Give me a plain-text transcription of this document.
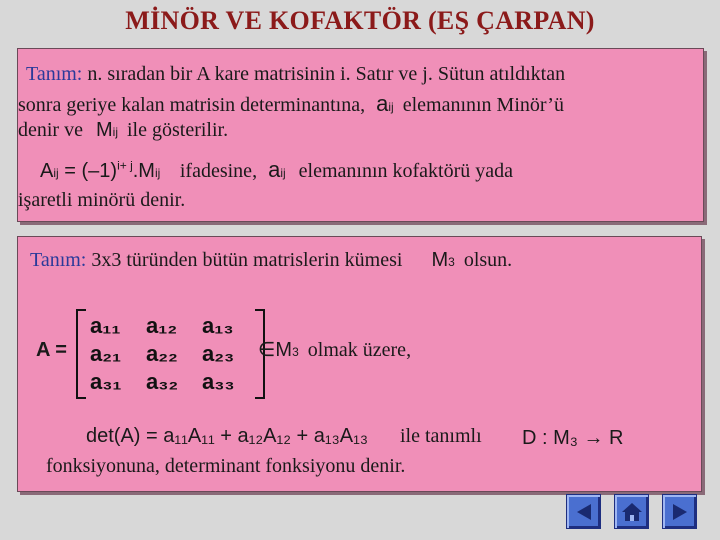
MİNÖR VE KOFAKTÖR (EŞ ÇARPAN)
Tanım: n. sıradan bir A kare matrisinin i. Satır ve j. Sütun atıldıktan
sonra geriye kalan matrisin determinantına, aij elemanının Minör’ü
denir ve Mij ile gösterilir.
Aij = $(-1)^{i+ j}.Mij$ ifadesine, aij elemanının kofaktörü yada
işaretli minörü denir.
Tanım: 3x3 türünden bütün matrislerin kümesi M3 olsun.
A =
a₁₁ a₁₂ a₁₃
a₂₁ a₂₂ a₂₃
a₃₁ a₃₂ a₃₃
∈M3 olmak üzere,
det(A) = a₁₁A₁₁ + a₁₂A₁₂ + a₁₃A₁₃ ile tanımlı D : M₃ → R
fonksiyonuna, determinant fonksiyonu denir.
